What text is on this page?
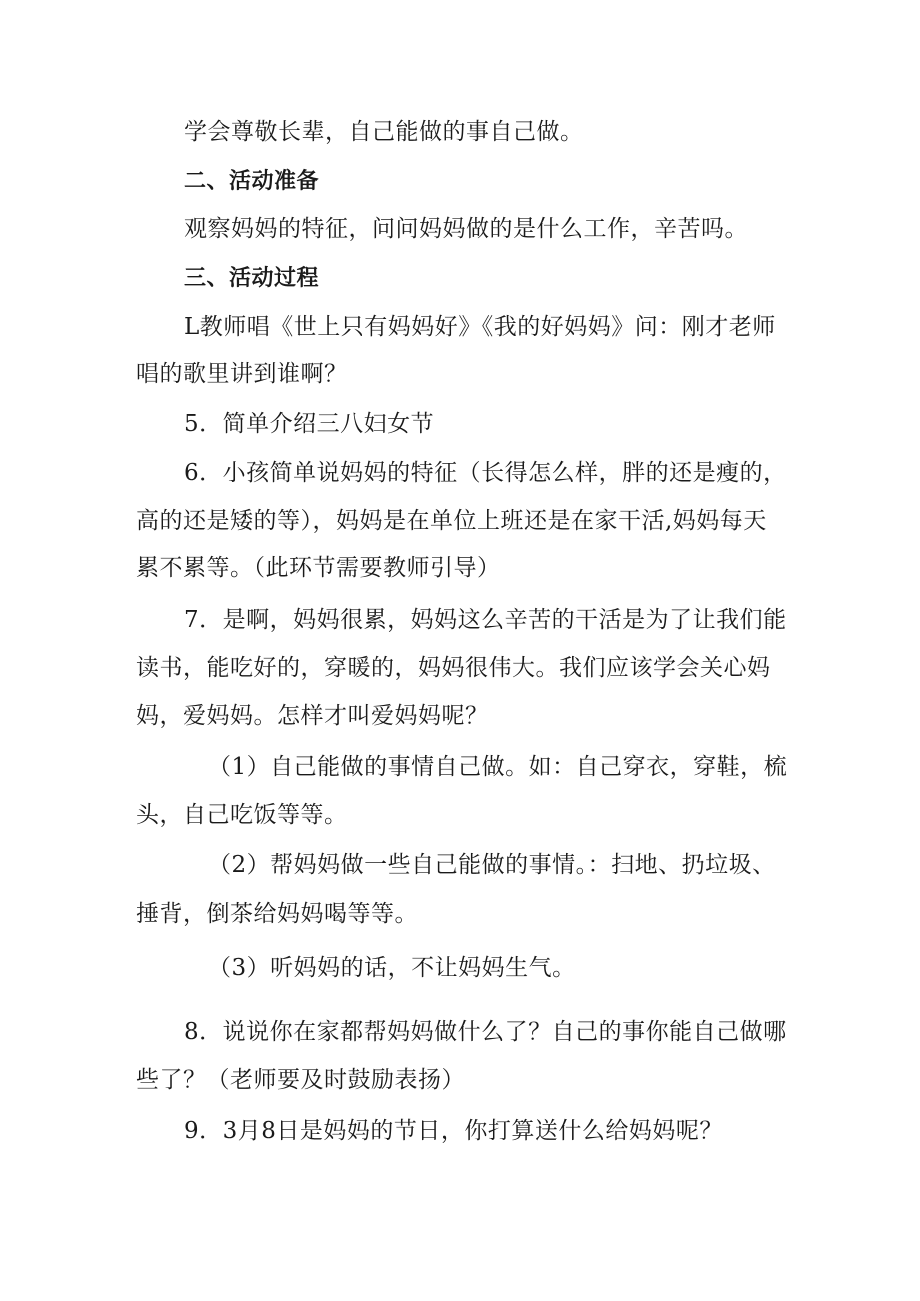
学会尊敬长辈，自己能做的事自己做。
二、活动准备
观察妈妈的特征，问问妈妈做的是什么工作，辛苦吗。
三、活动过程
L教师唱《世上只有妈妈好》《我的好妈妈》问：刚才老师
唱的歌里讲到谁啊？
5．简单介绍三八妇女节
6．小孩简单说妈妈的特征（长得怎么样，胖的还是瘦的，
高的还是矮的等），妈妈是在单位上班还是在家干活,妈妈每天
累不累等。（此环节需要教师引导）
7．是啊，妈妈很累，妈妈这么辛苦的干活是为了让我们能
读书，能吃好的，穿暖的，妈妈很伟大。我们应该学会关心妈
妈，爱妈妈。怎样才叫爱妈妈呢？
（1）自己能做的事情自己做。如：自己穿衣，穿鞋，梳
头，自己吃饭等等。
（2）帮妈妈做一些自己能做的事情。：扫地、扔垃圾、
捶背，倒茶给妈妈喝等等。
（3）听妈妈的话，不让妈妈生气。
8．说说你在家都帮妈妈做什么了？自己的事你能自己做哪
些了？（老师要及时鼓励表扬）
9．3月8日是妈妈的节日，你打算送什么给妈妈呢？
